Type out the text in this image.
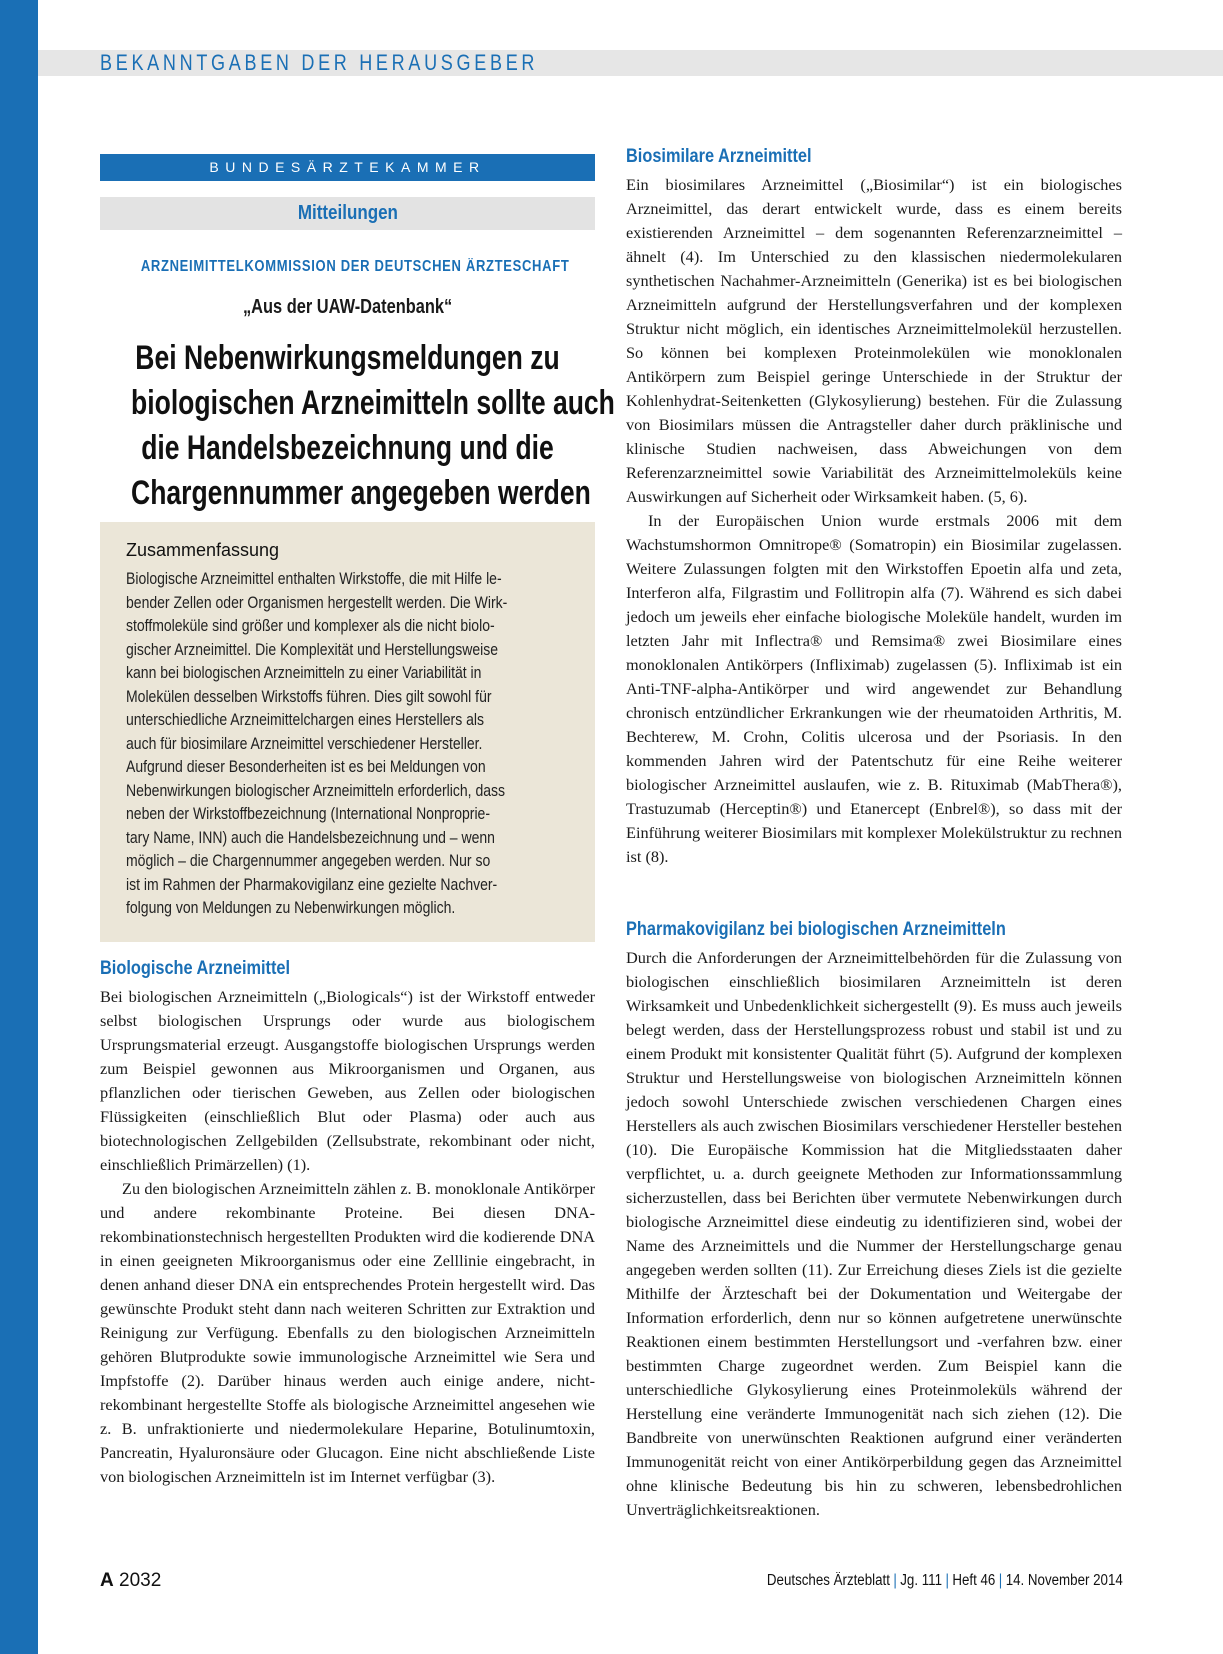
BEKANNTGABEN DER HERAUSGEBER
BUNDESÄRZTEKAMMER
Mitteilungen
ARZNEIMITTELKOMMISSION DER DEUTSCHEN ÄRZTESCHAFT
„Aus der UAW-Datenbank“
Bei Nebenwirkungsmeldungen zu
biologischen Arzneimitteln sollte auch
die Handelsbezeichnung und die
Chargennummer angegeben werden
Zusammenfassung
Biologische Arzneimittel enthalten Wirkstoffe, die mit Hilfe le-
bender Zellen oder Organismen hergestellt werden. Die Wirk-
stoffmoleküle sind größer und komplexer als die nicht biolo-
gischer Arzneimittel. Die Komplexität und Herstellungsweise
kann bei biologischen Arzneimitteln zu einer Variabilität in
Molekülen desselben Wirkstoffs führen. Dies gilt sowohl für
unterschiedliche Arzneimittelchargen eines Herstellers als
auch für biosimilare Arzneimittel verschiedener Hersteller.
Aufgrund dieser Besonderheiten ist es bei Meldungen von
Nebenwirkungen biologischer Arzneimitteln erforderlich, dass
neben der Wirkstoffbezeichnung (International Nonproprie-
tary Name, INN) auch die Handelsbezeichnung und – wenn
möglich – die Chargennummer angegeben werden. Nur so
ist im Rahmen der Pharmakovigilanz eine gezielte Nachver-
folgung von Meldungen zu Nebenwirkungen möglich.
Biologische Arzneimittel

Bei biologischen Arzneimitteln („Biologicals“) ist der Wirkstoff entweder selbst biologischen Ursprungs oder wurde aus biologischem Ursprungsmaterial erzeugt. Ausgangstoffe biologischen Ursprungs werden zum Beispiel gewonnen aus Mikroorganismen und Organen, aus pflanzlichen oder tierischen Geweben, aus Zellen oder biologischen Flüssigkeiten (einschließlich Blut oder Plasma) oder auch aus biotechnologischen Zellgebilden (Zellsubstrate, rekombinant oder nicht, einschließlich Primärzellen) (1).

Zu den biologischen Arzneimitteln zählen z. B. monoklonale Antikörper und andere rekombinante Proteine. Bei diesen DNA-rekombinationstechnisch hergestellten Produkten wird die kodierende DNA in einen geeigneten Mikroorganismus oder eine Zelllinie eingebracht, in denen anhand dieser DNA ein entsprechendes Protein hergestellt wird. Das gewünschte Produkt steht dann nach weiteren Schritten zur Extraktion und Reinigung zur Verfügung. Ebenfalls zu den biologischen Arzneimitteln gehören Blutprodukte sowie immunologische Arzneimittel wie Sera und Impfstoffe (2). Darüber hinaus werden auch einige andere, nicht-rekombinant hergestellte Stoffe als biologische Arzneimittel angesehen wie z. B. unfraktionierte und niedermolekulare Heparine, Botulinumtoxin, Pancreatin, Hyaluronsäure oder Glucagon. Eine nicht abschließende Liste von biologischen Arzneimitteln ist im Internet verfügbar (3).

Biosimilare Arzneimittel

Ein biosimilares Arzneimittel („Biosimilar“) ist ein biologisches Arzneimittel, das derart entwickelt wurde, dass es einem bereits existierenden Arzneimittel – dem sogenannten Referenzarzneimittel – ähnelt (4). Im Unterschied zu den klassischen niedermolekularen synthetischen Nachahmer-Arzneimitteln (Generika) ist es bei biologischen Arzneimitteln aufgrund der Herstellungsverfahren und der komplexen Struktur nicht möglich, ein identisches Arzneimittelmolekül herzustellen. So können bei komplexen Proteinmolekülen wie monoklonalen Antikörpern zum Beispiel geringe Unterschiede in der Struktur der Kohlenhydrat-Seitenketten (Glykosylierung) bestehen. Für die Zulassung von Biosimilars müssen die Antragsteller daher durch präklinische und klinische Studien nachweisen, dass Abweichungen von dem Referenzarzneimittel sowie Variabilität des Arzneimittelmoleküls keine Auswirkungen auf Sicherheit oder Wirksamkeit haben. (5, 6).

In der Europäischen Union wurde erstmals 2006 mit dem Wachstumshormon Omnitrope® (Somatropin) ein Biosimilar zugelassen. Weitere Zulassungen folgten mit den Wirkstoffen Epoetin alfa und zeta, Interferon alfa, Filgrastim und Follitropin alfa (7). Während es sich dabei jedoch um jeweils eher einfache biologische Moleküle handelt, wurden im letzten Jahr mit Inflectra® und Remsima® zwei Biosimilare eines monoklonalen Antikörpers (Infliximab) zugelassen (5). Infliximab ist ein Anti-TNF-alpha-Antikörper und wird angewendet zur Behandlung chronisch entzündlicher Erkrankungen wie der rheumatoiden Arthritis, M. Bechterew, M. Crohn, Colitis ulcerosa und der Psoriasis. In den kommenden Jahren wird der Patentschutz für eine Reihe weiterer biologischer Arzneimittel auslaufen, wie z. B. Rituximab (MabThera®), Trastuzumab (Herceptin®) und Etanercept (Enbrel®), so dass mit der Einführung weiterer Biosimilars mit komplexer Molekülstruktur zu rechnen ist (8).

Pharmakovigilanz bei biologischen Arzneimitteln

Durch die Anforderungen der Arzneimittelbehörden für die Zulassung von biologischen einschließlich biosimilaren Arzneimitteln ist deren Wirksamkeit und Unbedenklichkeit sichergestellt (9). Es muss auch jeweils belegt werden, dass der Herstellungsprozess robust und stabil ist und zu einem Produkt mit konsistenter Qualität führt (5). Aufgrund der komplexen Struktur und Herstellungsweise von biologischen Arzneimitteln können jedoch sowohl Unterschiede zwischen verschiedenen Chargen eines Herstellers als auch zwischen Biosimilars verschiedener Hersteller bestehen (10). Die Europäische Kommission hat die Mitgliedsstaaten daher verpflichtet, u. a. durch geeignete Methoden zur Informationssammlung sicherzustellen, dass bei Berichten über vermutete Nebenwirkungen durch biologische Arzneimittel diese eindeutig zu identifizieren sind, wobei der Name des Arzneimittels und die Nummer der Herstellungscharge genau angegeben werden sollten (11). Zur Erreichung dieses Ziels ist die gezielte Mithilfe der Ärzteschaft bei der Dokumentation und Weitergabe der Information erforderlich, denn nur so können aufgetretene unerwünschte Reaktionen einem bestimmten Herstellungsort und -verfahren bzw. einer bestimmten Charge zugeordnet werden. Zum Beispiel kann die unterschiedliche Glykosylierung eines Proteinmoleküls während der Herstellung eine veränderte Immunogenität nach sich ziehen (12). Die Bandbreite von unerwünschten Reaktionen aufgrund einer veränderten Immunogenität reicht von einer Antikörperbildung gegen das Arzneimittel ohne klinische Bedeutung bis hin zu schweren, lebensbedrohlichen Unverträglichkeitsreaktionen.

A 2032	Deutsches Ärzteblatt | Jg. 111 | Heft 46 | 14. November 2014
